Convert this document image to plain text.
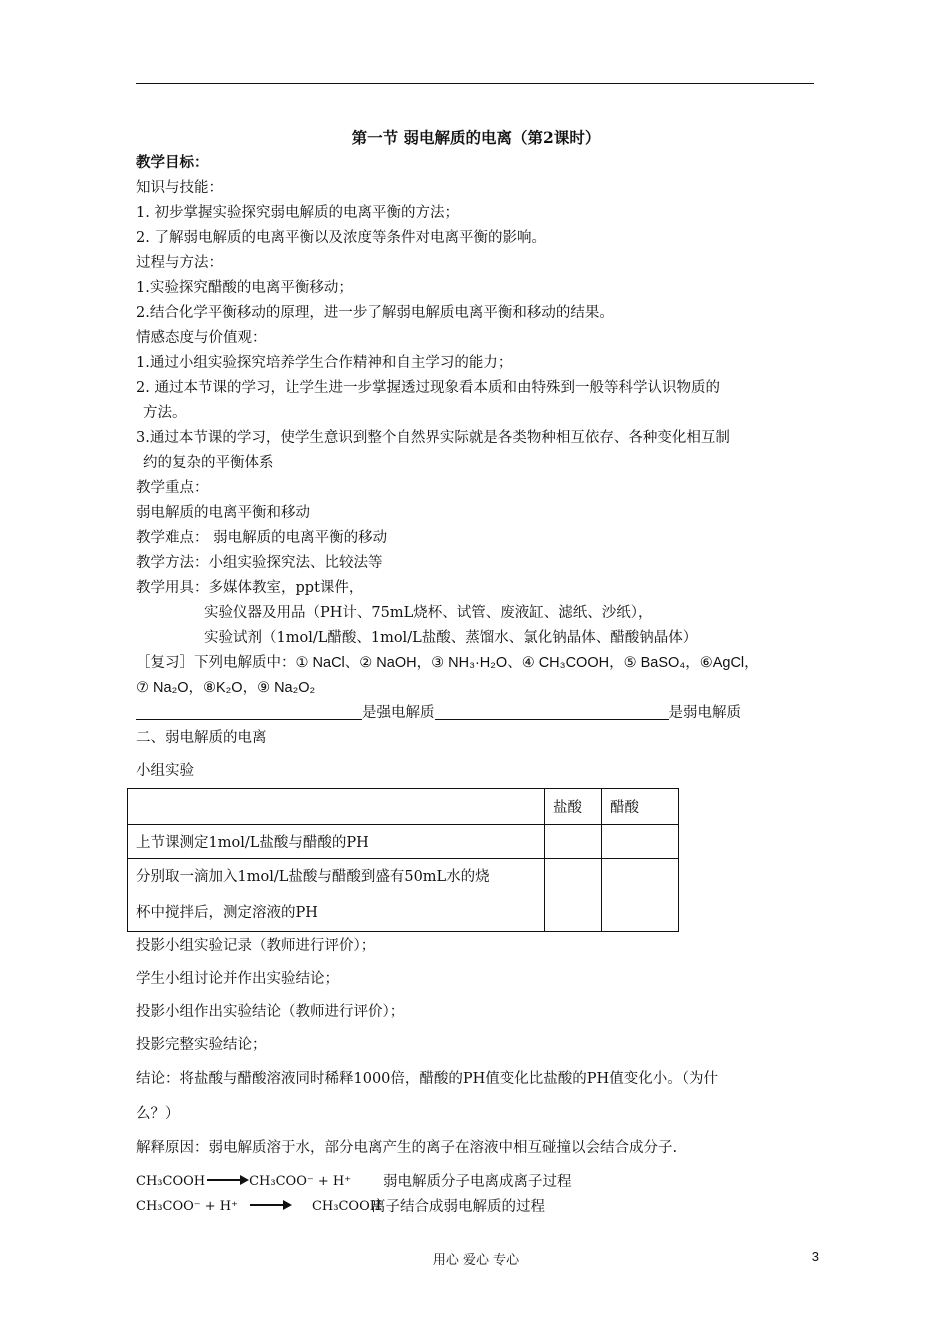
第一节 弱电解质的电离（第2课时）
教学目标：
知识与技能：
1. 初步掌握实验探究弱电解质的电离平衡的方法；
2. 了解弱电解质的电离平衡以及浓度等条件对电离平衡的影响。
过程与方法：
1.实验探究醋酸的电离平衡移动；
2.结合化学平衡移动的原理，进一步了解弱电解质电离平衡和移动的结果。
情感态度与价值观：
1.通过小组实验探究培养学生合作精神和自主学习的能力；
2. 通过本节课的学习，让学生进一步掌握透过现象看本质和由特殊到一般等科学认识物质的
方法。
3.通过本节课的学习，使学生意识到整个自然界实际就是各类物种相互依存、各种变化相互制
约的复杂的平衡体系
教学重点：
弱电解质的电离平衡和移动
教学难点： 弱电解质的电离平衡的移动
教学方法：小组实验探究法、比较法等
教学用具：多媒体教室，ppt课件，
实验仪器及用品（PH计、75mL烧杯、试管、废液缸、滤纸、沙纸），
实验试剂（1mol/L醋酸、1mol/L盐酸、蒸馏水、氯化钠晶体、醋酸钠晶体）
［复习］下列电解质中：① NaCl、② NaOH，③ NH₃·H₂O、④ CH₃COOH，⑤ BaSO₄，⑥AgCl，
⑦ Na₂O，⑧K₂O，⑨ Na₂O₂
是强电解质	是弱电解质
二、弱电解质的电离
小组实验
	盐酸	醋酸
上节课测定1mol/L盐酸与醋酸的PH		
分别取一滴加入1mol/L盐酸与醋酸到盛有50mL水的烧
杯中搅拌后，测定溶液的PH		
投影小组实验记录（教师进行评价）；
学生小组讨论并作出实验结论；
投影小组作出实验结论（教师进行评价）；
投影完整实验结论；
结论：将盐酸与醋酸溶液同时稀释1000倍，醋酸的PH值变化比盐酸的PH值变化小。（为什
么？）
解释原因：弱电解质溶于水，部分电离产生的离子在溶液中相互碰撞以会结合成分子.
CH₃COOH	CH₃COO⁻ + H⁺ 弱电解质分子电离成离子过程
CH₃COO⁻ + H⁺	CH₃COOH
离子结合成弱电解质的过程
用心 爱心 专心	3
